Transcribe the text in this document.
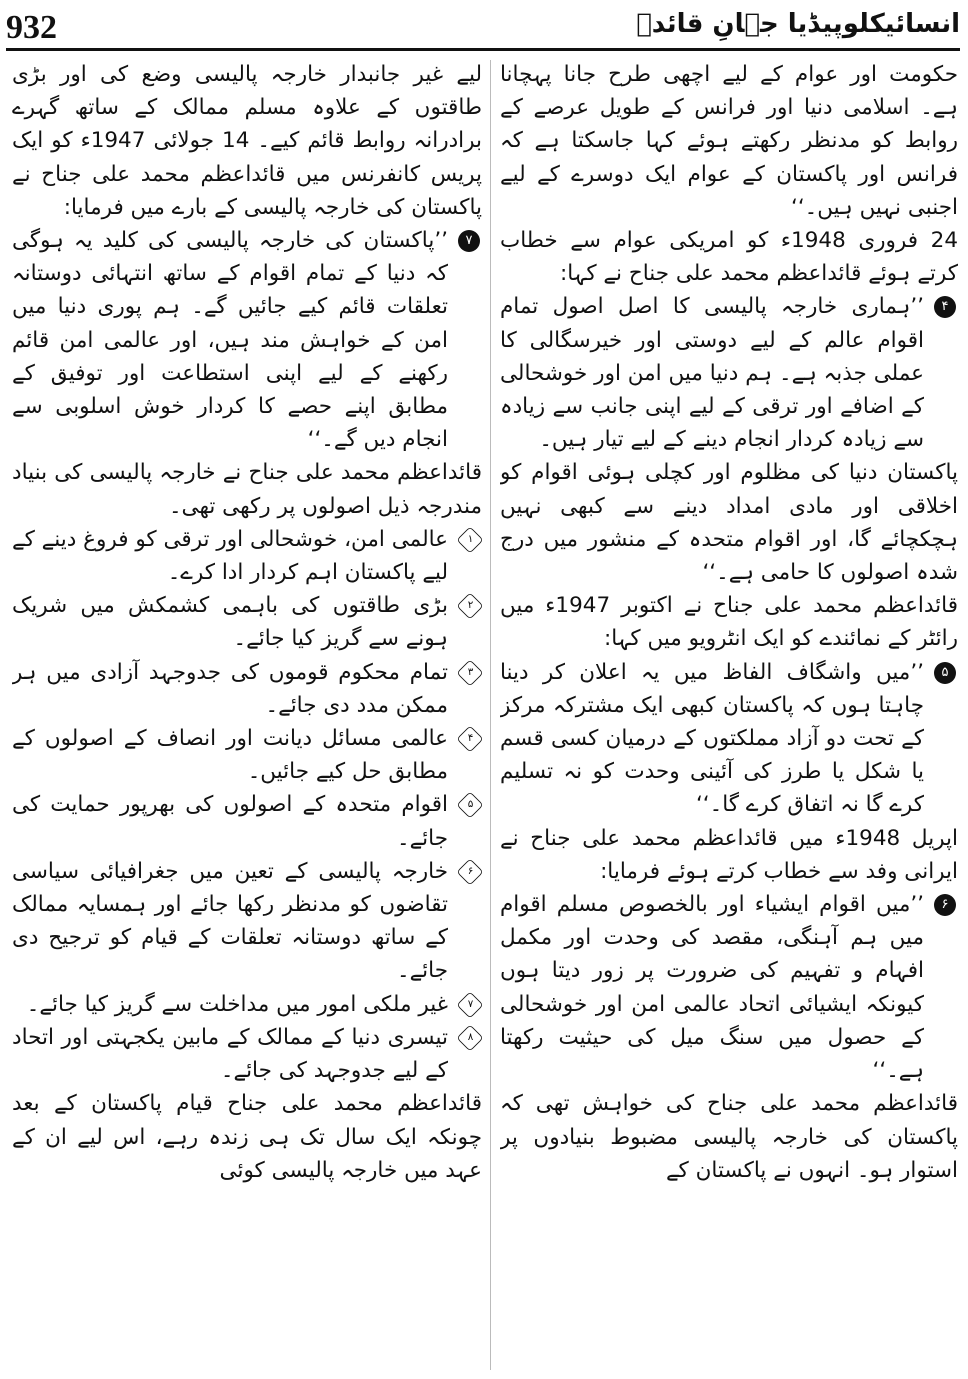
932	انسائیکلوپیڈیا جہانِ قائدؒ

حکومت اور عوام کے لیے اچھی طرح جانا پہچانا ہے۔ اسلامی دنیا اور فرانس کے طویل عرصے کے روابط کو مدنظر رکھتے ہوئے کہا جاسکتا ہے کہ فرانس اور پاکستان کے عوام ایک دوسرے کے لیے اجنبی نہیں ہیں۔‘‘

24 فروری 1948ء کو امریکی عوام سے خطاب کرتے ہوئے قائداعظم محمد علی جناح نے کہا:

۴
’’ہماری خارجہ پالیسی کا اصل اصول تمام اقوام عالم کے لیے دوستی اور خیرسگالی کا عملی جذبہ ہے۔ ہم دنیا میں امن اور خوشحالی کے اضافے اور ترقی کے لیے اپنی جانب سے زیادہ سے زیادہ کردار انجام دینے کے لیے تیار ہیں۔

پاکستان دنیا کی مظلوم اور کچلی ہوئی اقوام کو اخلاقی اور مادی امداد دینے سے کبھی نہیں ہچکچائے گا، اور اقوام متحدہ کے منشور میں درج شدہ اصولوں کا حامی ہے۔‘‘

قائداعظم محمد علی جناح نے اکتوبر 1947ء میں رائٹر کے نمائندے کو ایک انٹرویو میں کہا:

۵
’’میں واشگاف الفاظ میں یہ اعلان کر دینا چاہتا ہوں کہ پاکستان کبھی ایک مشترکہ مرکز کے تحت دو آزاد مملکتوں کے درمیان کسی قسم یا شکل یا طرز کی آئینی وحدت کو نہ تسلیم کرے گا نہ اتفاق کرے گا۔‘‘

اپریل 1948ء میں قائداعظم محمد علی جناح نے ایرانی وفد سے خطاب کرتے ہوئے فرمایا:

۶
’’میں اقوام ایشیاء اور بالخصوص مسلم اقوام میں ہم آہنگی، مقصد کی وحدت اور مکمل افہام و تفہیم کی ضرورت پر زور دیتا ہوں کیونکہ ایشیائی اتحاد عالمی امن اور خوشحالی کے حصول میں سنگ میل کی حیثیت رکھتا ہے۔‘‘

قائداعظم محمد علی جناح کی خواہش تھی کہ پاکستان کی خارجہ پالیسی مضبوط بنیادوں پر استوار ہو۔ انہوں نے پاکستان کے

لیے غیر جانبدار خارجہ پالیسی وضع کی اور بڑی طاقتوں کے علاوہ مسلم ممالک کے ساتھ گہرے برادرانہ روابط قائم کیے۔ 14 جولائی 1947ء کو ایک پریس کانفرنس میں قائداعظم محمد علی جناح نے پاکستان کی خارجہ پالیسی کے بارے میں فرمایا:

۷
’’پاکستان کی خارجہ پالیسی کی کلید یہ ہوگی کہ دنیا کے تمام اقوام کے ساتھ انتہائی دوستانہ تعلقات قائم کیے جائیں گے۔ ہم پوری دنیا میں امن کے خواہش مند ہیں، اور عالمی امن قائم رکھنے کے لیے اپنی استطاعت اور توفیق کے مطابق اپنے حصے کا کردار خوش اسلوبی سے انجام دیں گے۔‘‘

قائداعظم محمد علی جناح نے خارجہ پالیسی کی بنیاد مندرجہ ذیل اصولوں پر رکھی تھی۔

۱
عالمی امن، خوشحالی اور ترقی کو فروغ دینے کے لیے پاکستان اہم کردار ادا کرے۔

۲
بڑی طاقتوں کی باہمی کشمکش میں شریک ہونے سے گریز کیا جائے۔

۳
تمام محکوم قوموں کی جدوجہد آزادی میں ہر ممکن مدد دی جائے۔

۴
عالمی مسائل دیانت اور انصاف کے اصولوں کے مطابق حل کیے جائیں۔

۵
اقوام متحدہ کے اصولوں کی بھرپور حمایت کی جائے۔

۶
خارجہ پالیسی کے تعین میں جغرافیائی سیاسی تقاضوں کو مدنظر رکھا جائے اور ہمسایہ ممالک کے ساتھ دوستانہ تعلقات کے قیام کو ترجیح دی جائے۔

۷
غیر ملکی امور میں مداخلت سے گریز کیا جائے۔

۸
تیسری دنیا کے ممالک کے مابین یکجہتی اور اتحاد کے لیے جدوجہد کی جائے۔

قائداعظم محمد علی جناح قیام پاکستان کے بعد چونکہ ایک سال تک ہی زندہ رہے، اس لیے ان کے عہد میں خارجہ پالیسی کوئی
